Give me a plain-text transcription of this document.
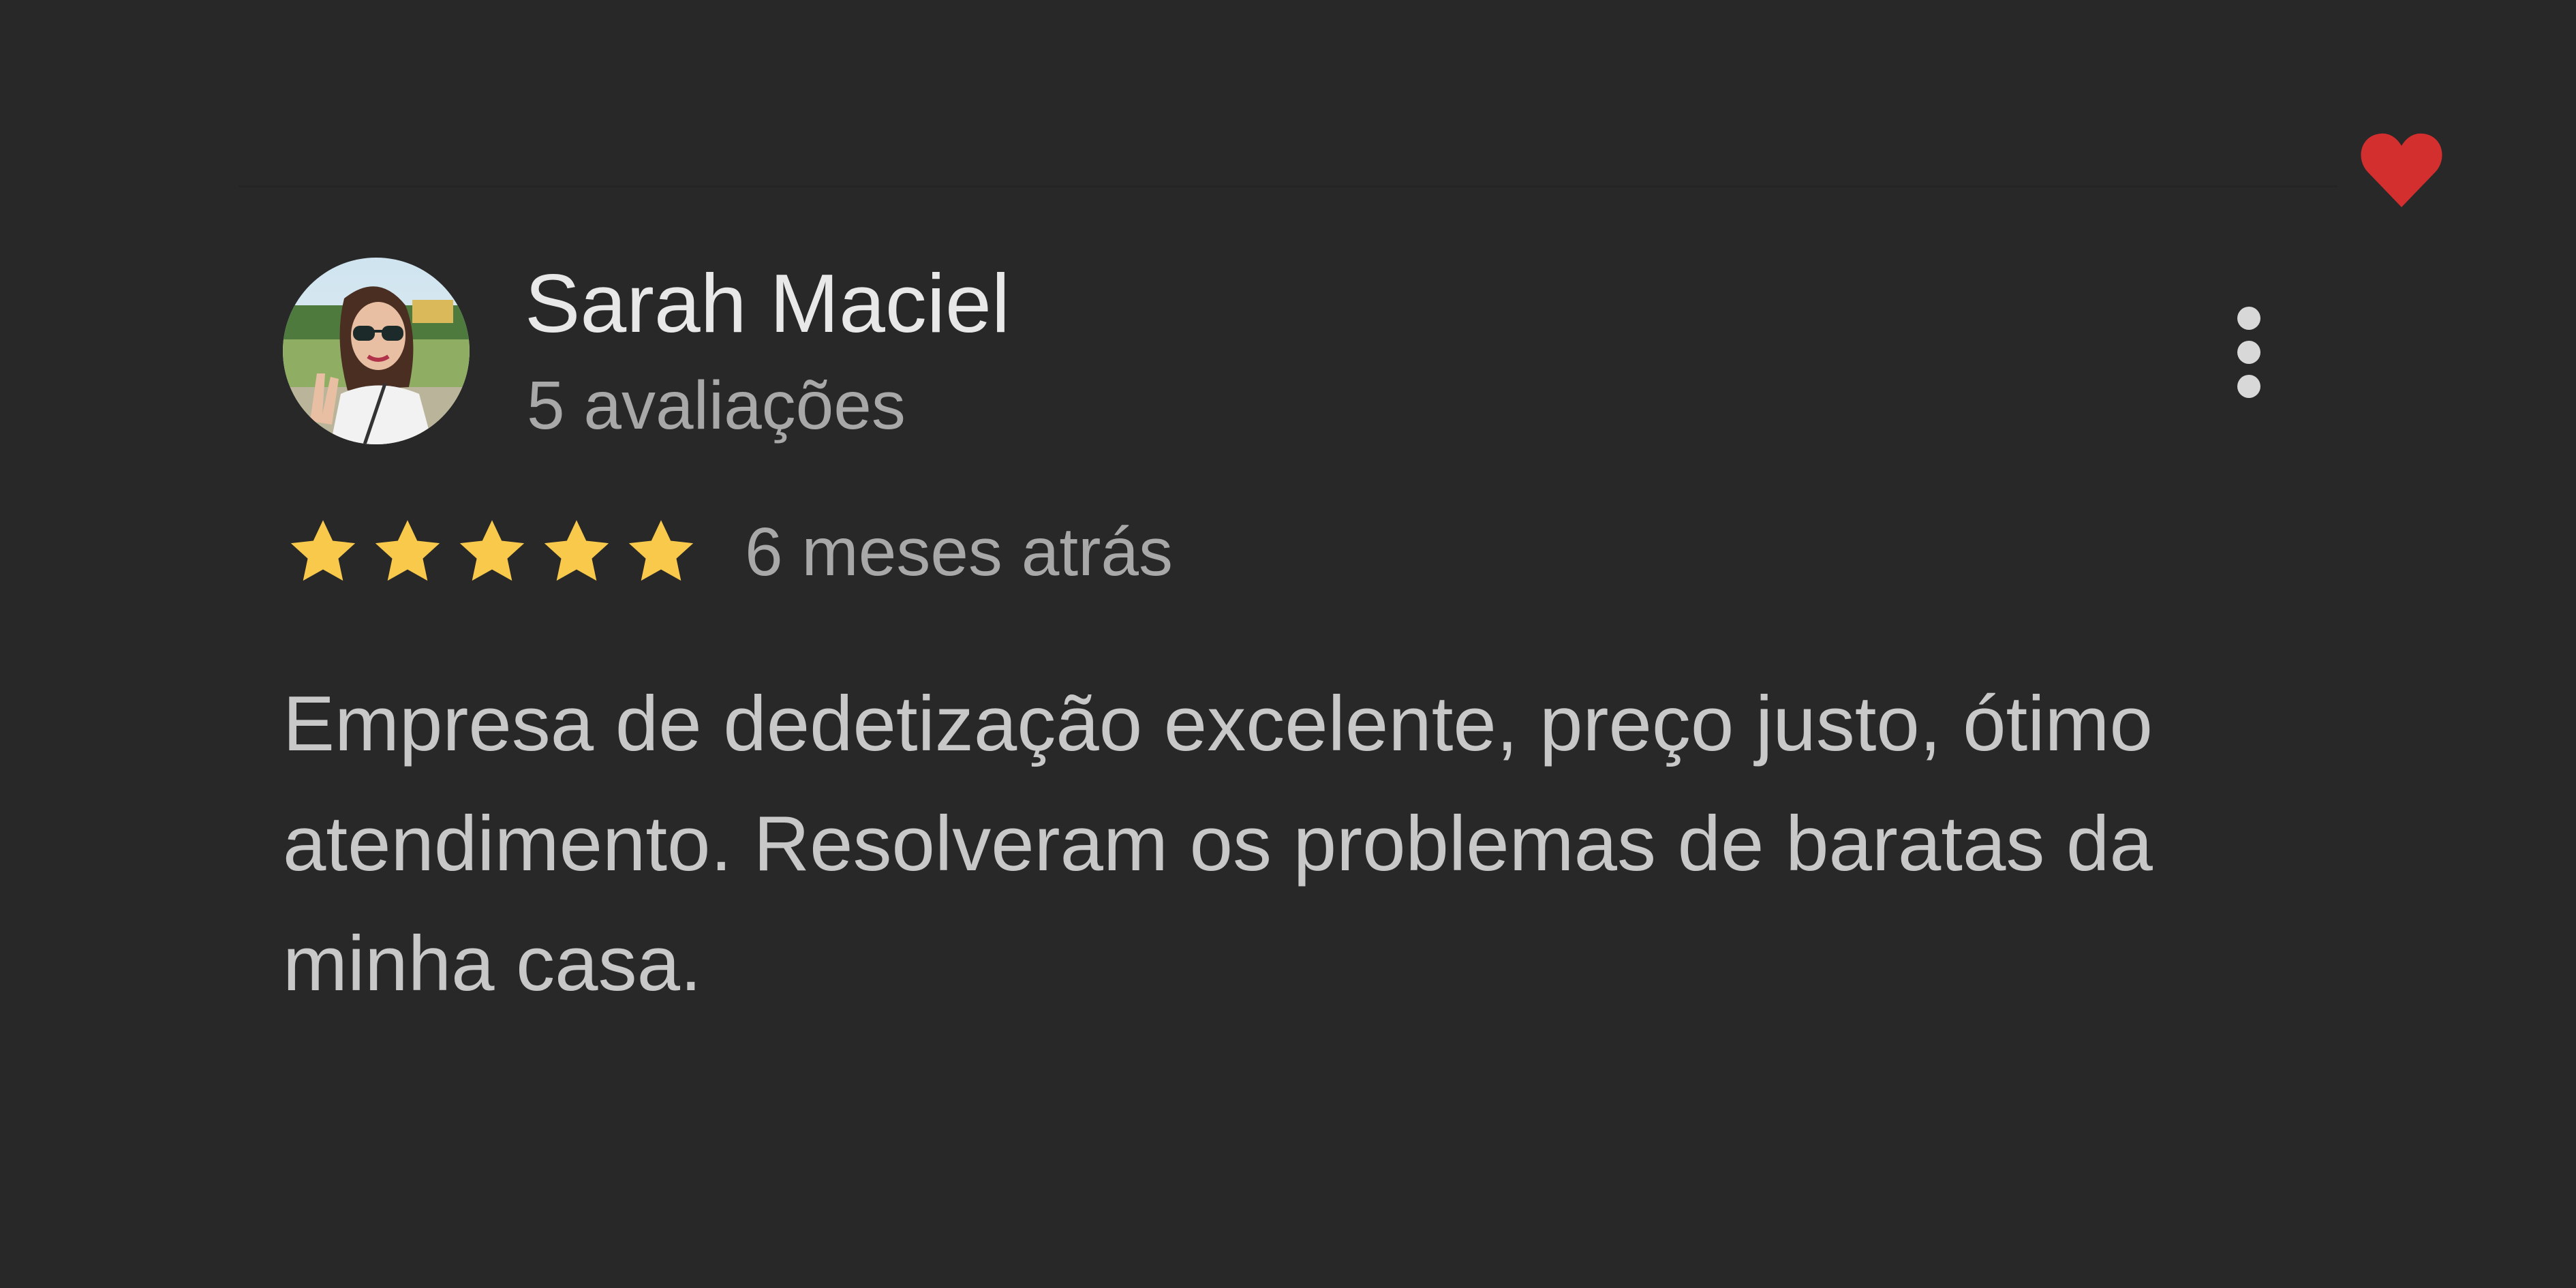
Sarah Maciel
5 avaliações
6 meses atrás
Empresa de dedetização excelente, preço justo, ótimo atendimento. Resolveram os problemas de baratas da minha casa.
